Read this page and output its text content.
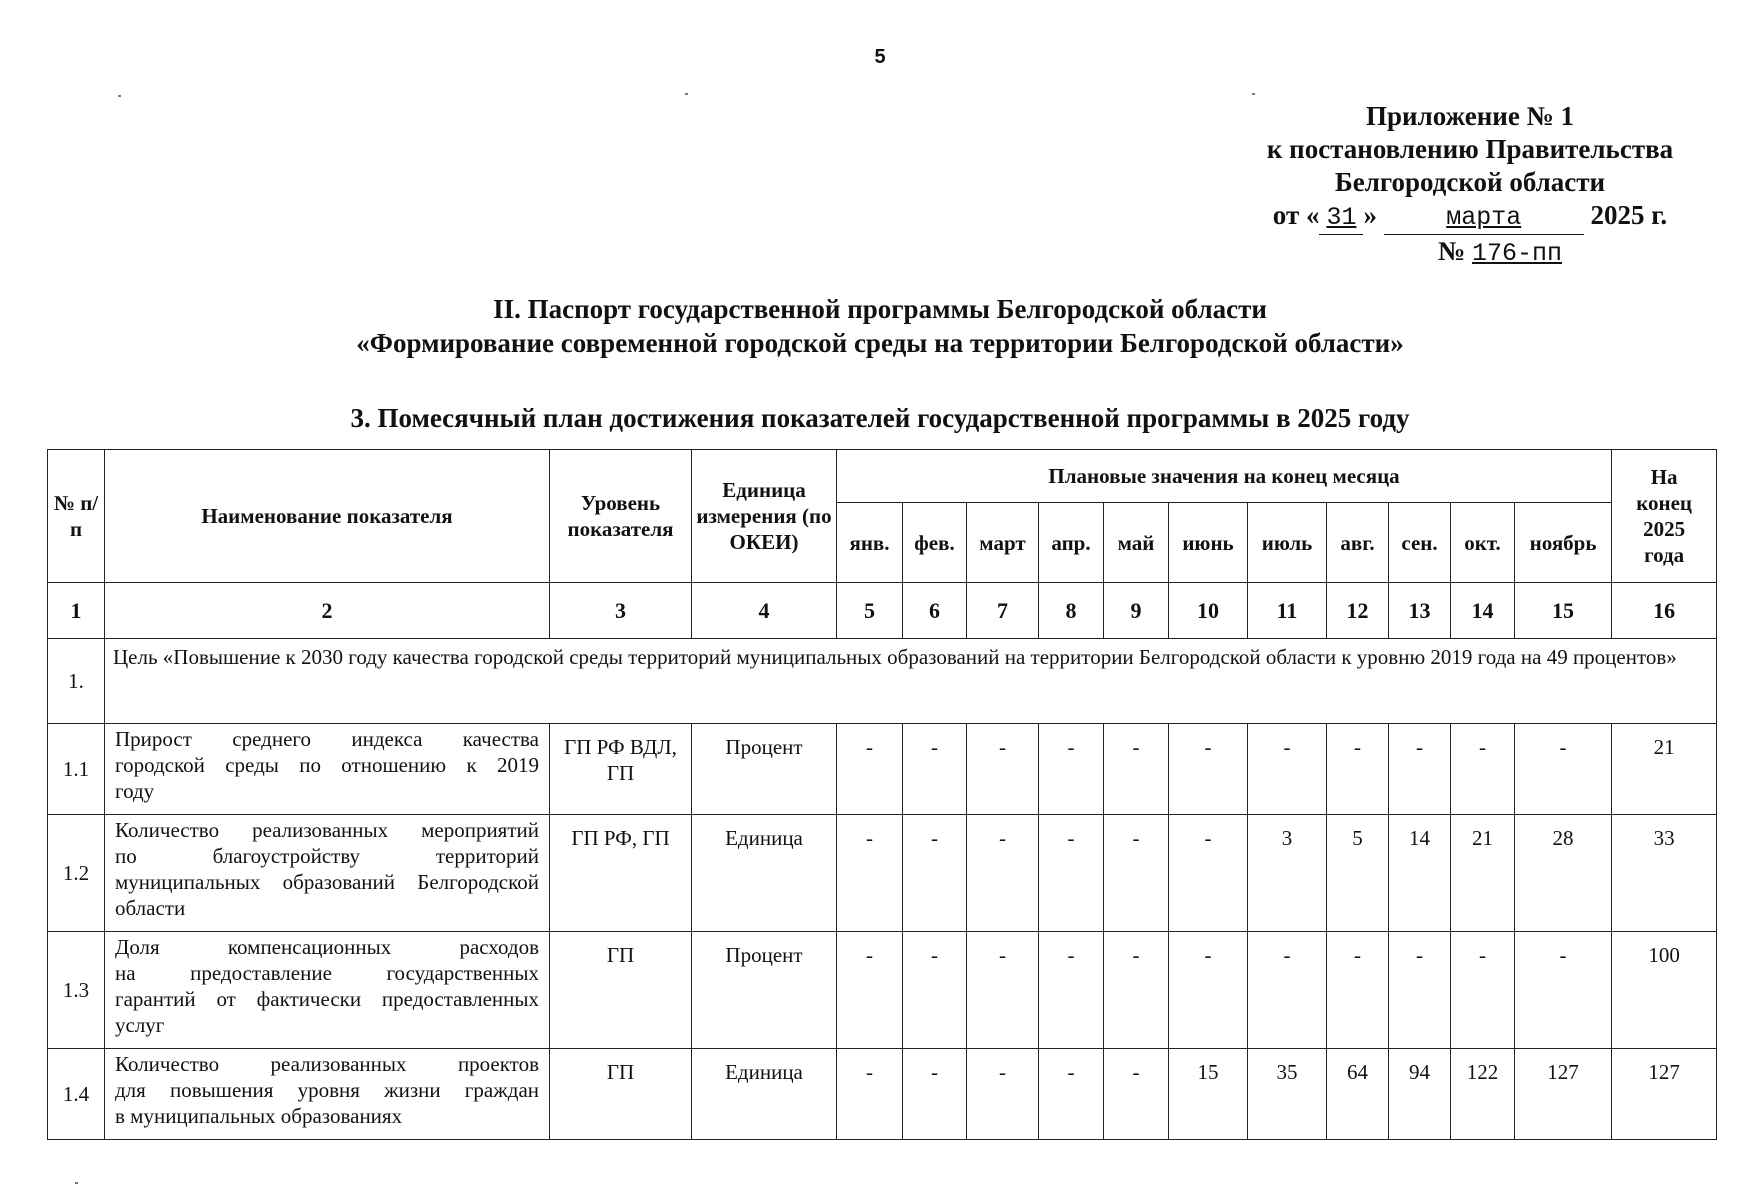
5
Приложение № 1
к постановлению Правительства
Белгородской области
от « 31 »	марта	2025 г.
№ 176-пп
II. Паспорт государственной программы Белгородской области
«Формирование современной городской среды на территории Белгородской области»
3. Помесячный план достижения показателей государственной программы в 2025 году
№ п/п	Наименование показателя	Уровень показателя	Единица измерения (по ОКЕИ)	Плановые значения на конец месяца											На конец 2025 года
				янв.	фев.	март	апр.	май	июнь	июль	авг.	сен.	окт.	ноябрь	
1	2	3	4	5	6	7	8	9	10	11	12	13	14	15	16
1.	Цель «Повышение к 2030 году качества городской среды территорий муниципальных образований на территории Белгородской области к уровню 2019 года на 49 процентов»														
1.1	Прирост среднего индекса качества
городской среды по отношению к 2019
году	ГП РФ ВДЛ, ГП	Процент	-	-	-	-	-	-	-	-	-	-	-	21
1.2	Количество реализованных мероприятий
по благоустройству территорий
муниципальных образований Белгородской
области	ГП РФ, ГП	Единица	-	-	-	-	-	-	3	5	14	21	28	33
1.3	Доля компенсационных расходов
на предоставление государственных
гарантий от фактически предоставленных
услуг	ГП	Процент	-	-	-	-	-	-	-	-	-	-	-	100
1.4	Количество реализованных проектов
для повышения уровня жизни граждан
в муниципальных образованиях	ГП	Единица	-	-	-	-	-	15	35	64	94	122	127	127
